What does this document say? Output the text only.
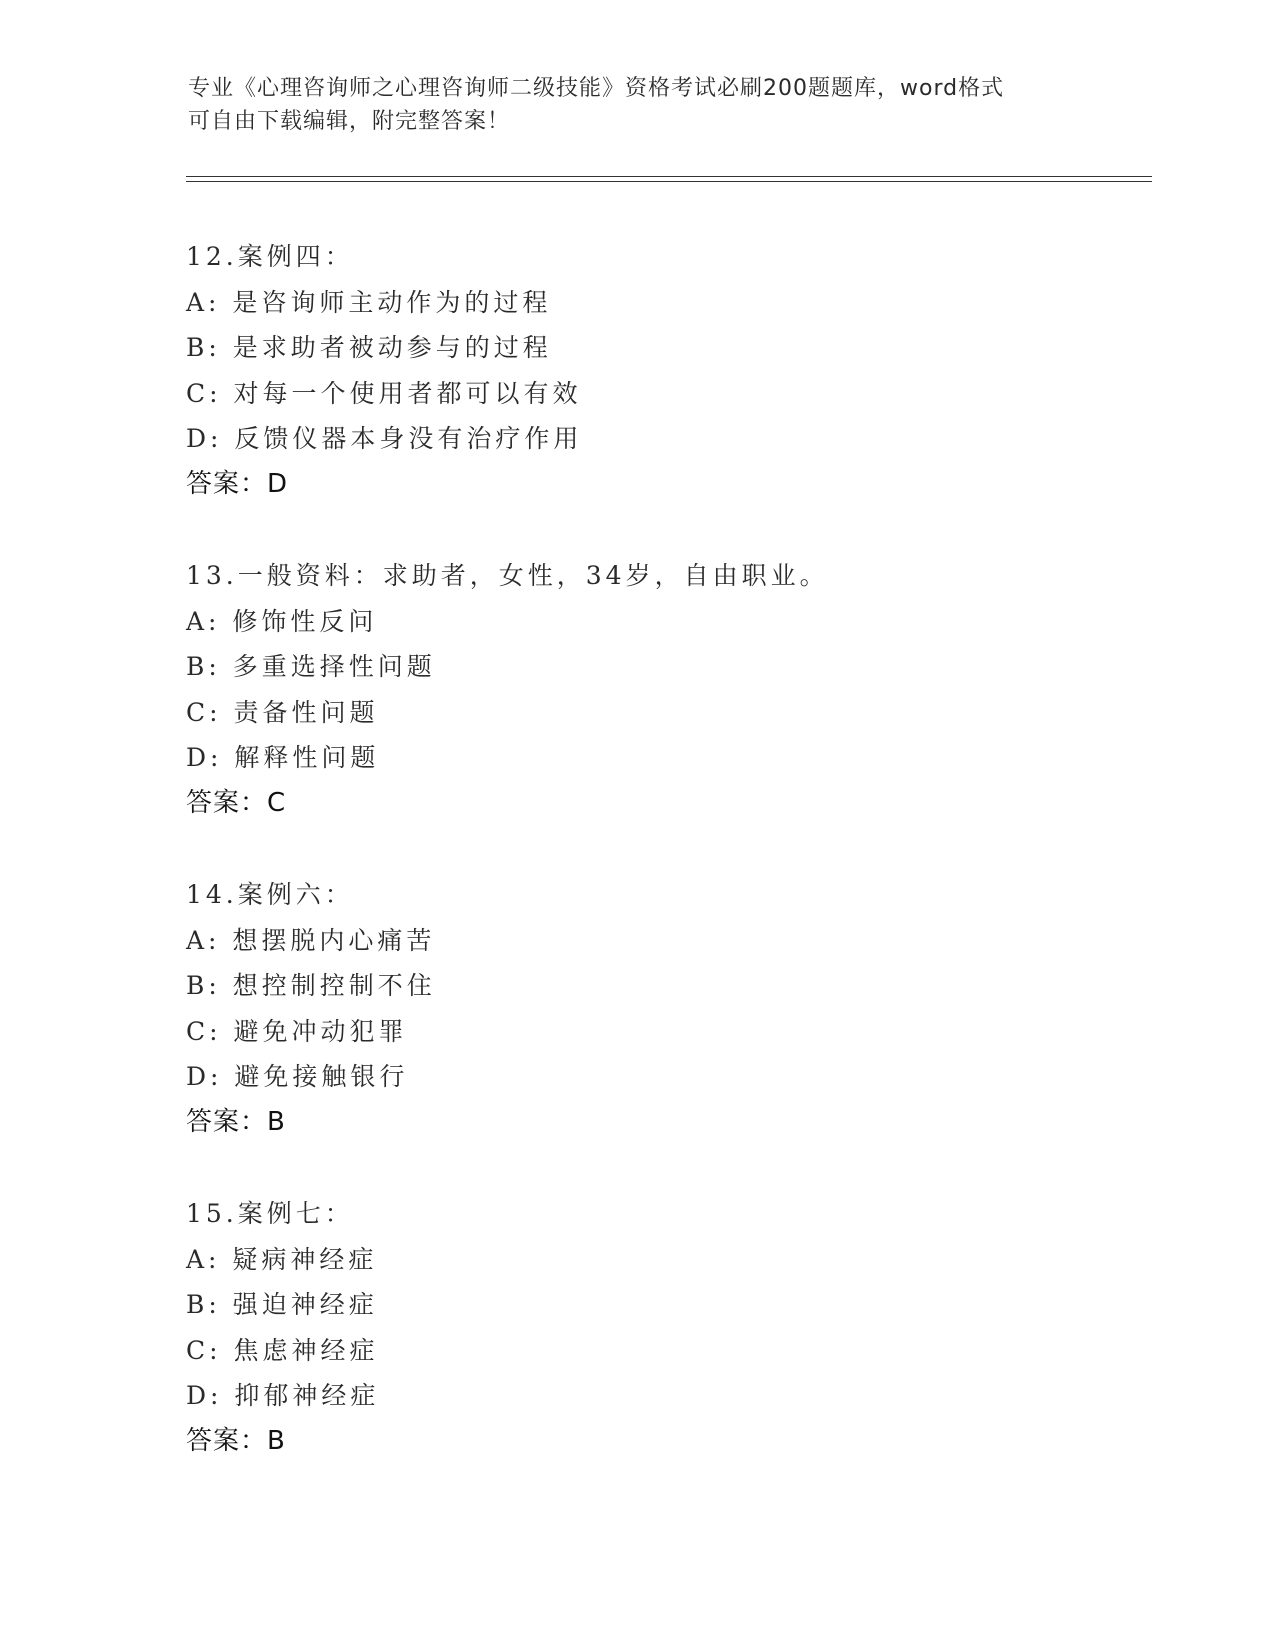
专业《心理咨询师之心理咨询师二级技能》资格考试必刷200题题库，word格式
可自由下载编辑，附完整答案！
12.案例四：
A: 是咨询师主动作为的过程
B: 是求助者被动参与的过程
C: 对每一个使用者都可以有效
D: 反馈仪器本身没有治疗作用
答案：D
13.一般资料：求助者，女性，34岁，自由职业。
A: 修饰性反问
B: 多重选择性问题
C: 责备性问题
D: 解释性问题
答案：C
14.案例六：
A: 想摆脱内心痛苦
B: 想控制控制不住
C: 避免冲动犯罪
D: 避免接触银行
答案：B
15.案例七：
A: 疑病神经症
B: 强迫神经症
C: 焦虑神经症
D: 抑郁神经症
答案：B
